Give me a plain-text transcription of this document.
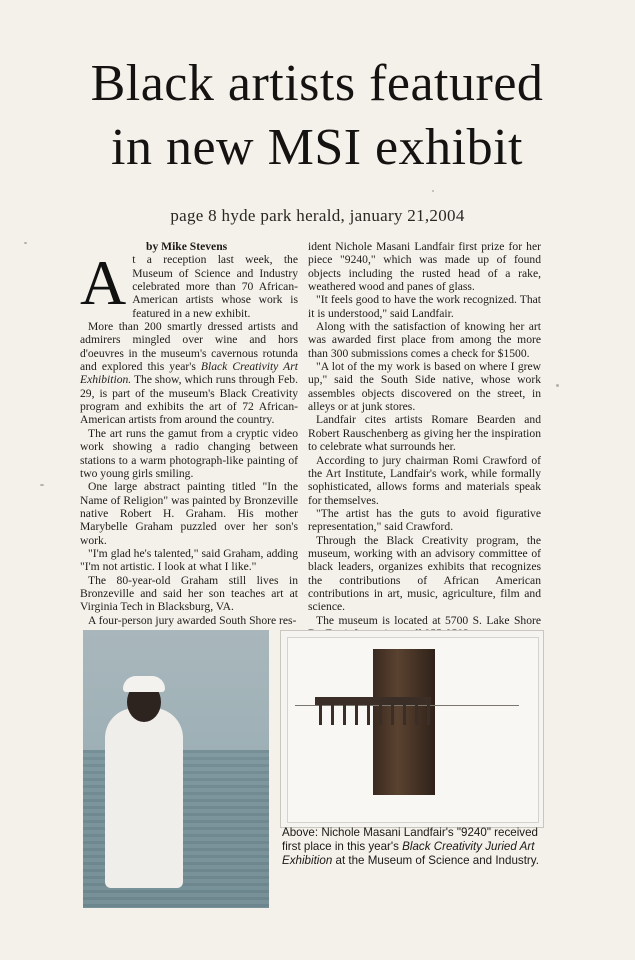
Black artists featured
in new MSI exhibit
page 8 hyde park herald, january 21,2004
by Mike Stevens

At a reception last week, the Museum of Science and Industry celebrated more than 70 African-American artists whose work is featured in a new exhibit.

More than 200 smartly dressed artists and admirers mingled over wine and hors d'oeuvres in the museum's cavernous rotunda and explored this year's Black Creativity Art Exhibition. The show, which runs through Feb. 29, is part of the museum's Black Creativity program and exhibits the art of 72 African-American artists from around the country.

The art runs the gamut from a cryptic video work showing a radio changing between stations to a warm photograph-like painting of two young girls smiling.

One large abstract painting titled "In the Name of Religion" was painted by Bronzeville native Robert H. Graham. His mother Marybelle Graham puzzled over her son's work.

"I'm glad he's talented," said Graham, adding "I'm not artistic. I look at what I like."

The 80-year-old Graham still lives in Bronzeville and said her son teaches art at Virginia Tech in Blacksburg, VA.

A four-person jury awarded South Shore res-

ident Nichole Masani Landfair first prize for her piece "9240," which was made up of found objects including the rusted head of a rake, weathered wood and panes of glass.

"It feels good to have the work recognized. That it is understood," said Landfair.

Along with the satisfaction of knowing her art was awarded first place from among the more than 300 submissions comes a check for $1500.

"A lot of the my work is based on where I grew up," said the South Side native, whose work assembles objects discovered on the street, in alleys or at junk stores.

Landfair cites artists Romare Bearden and Robert Rauschenberg as giving her the inspiration to celebrate what surrounds her.

According to jury chairman Romi Crawford of the Art Institute, Landfair's work, while formally sophisticated, allows forms and materials speak for themselves.

"The artist has the guts to avoid figurative representation," said Crawford.

Through the Black Creativity program, the museum, working with an advisory committee of black leaders, organizes exhibits that recognizes the contributions of African American contributions in art, music, agriculture, film and science.

The museum is located at 5700 S. Lake Shore

Above: Nichole Masani Landfair's "9240" received first place in this year's Black Creativity Juried Art Exhibition at the Museum of Science and Industry.
